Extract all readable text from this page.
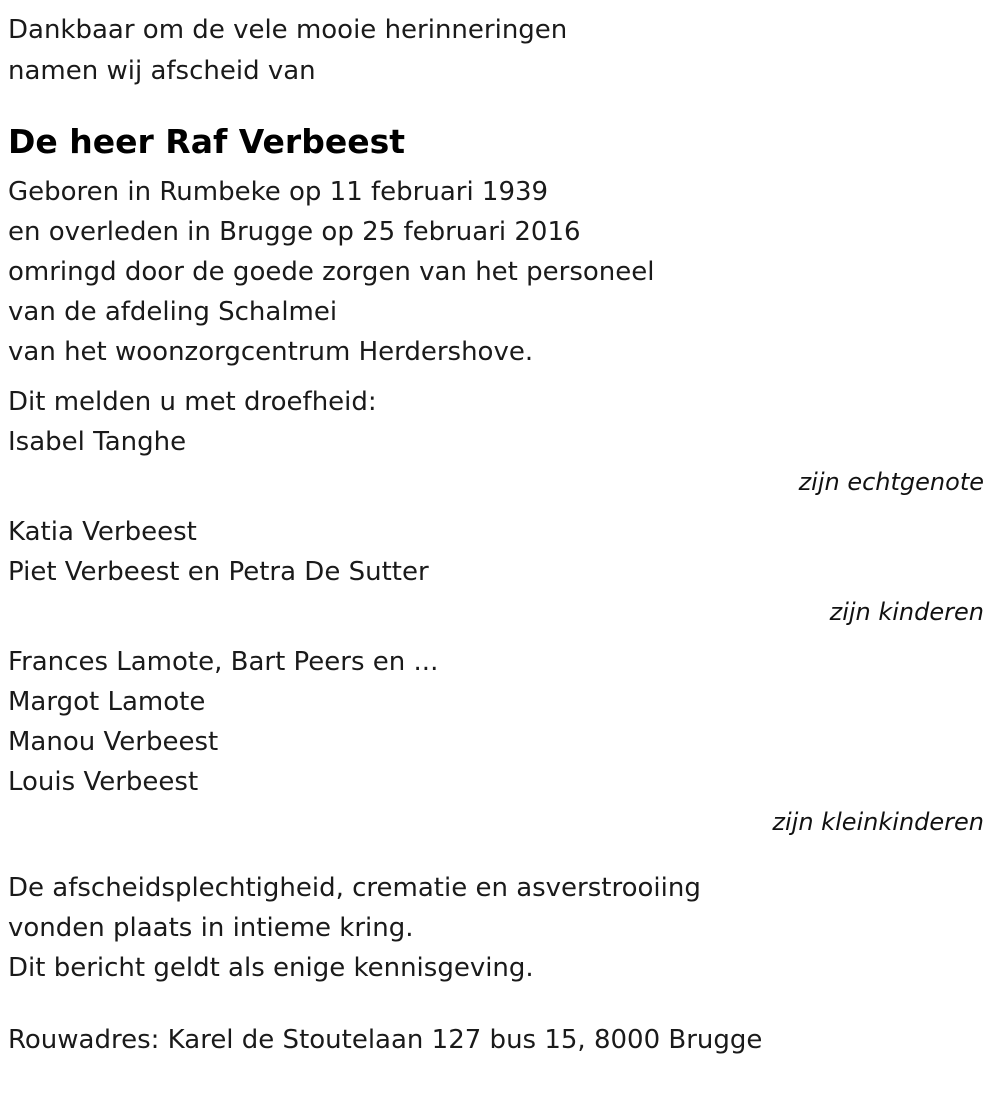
Dankbaar om de vele mooie herinneringen
namen wij afscheid van
De heer Raf Verbeest
Geboren in Rumbeke op 11 februari 1939
en overleden in Brugge op 25 februari 2016
omringd door de goede zorgen van het personeel
van de afdeling Schalmei
van het woonzorgcentrum Herdershove.
Dit melden u met droefheid:
Isabel Tanghe
zijn echtgenote
Katia Verbeest
Piet Verbeest en Petra De Sutter
zijn kinderen
Frances Lamote, Bart Peers en ...
Margot Lamote
Manou Verbeest
Louis Verbeest
zijn kleinkinderen
De afscheidsplechtigheid, crematie en asverstrooiing
vonden plaats in intieme kring.
Dit bericht geldt als enige kennisgeving.
Rouwadres: Karel de Stoutelaan 127 bus 15, 8000 Brugge
